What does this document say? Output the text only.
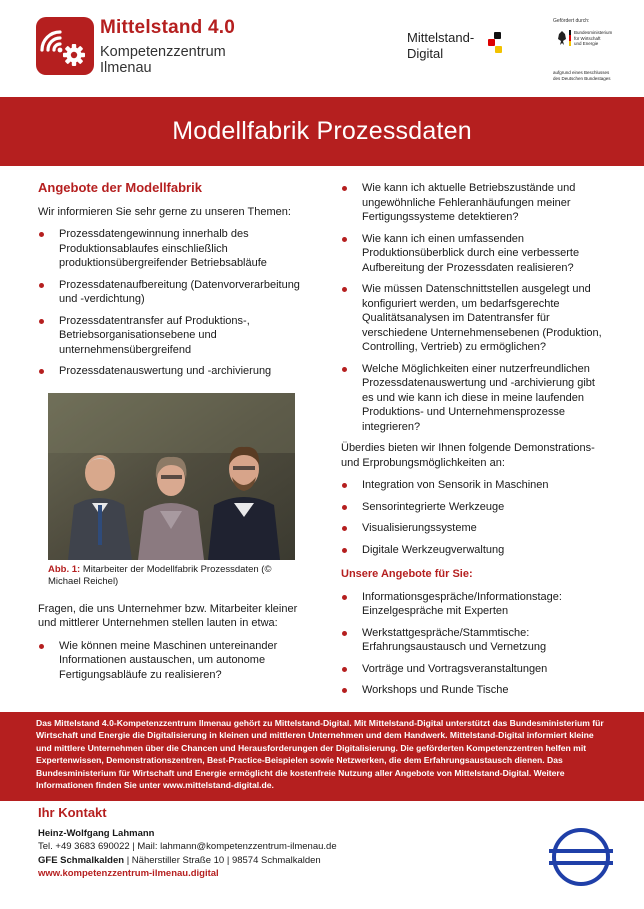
Mittelstand 4.0
Kompetenzzentrum
Ilmenau
Mittelstand-
Digital
Gefördert durch:
Bundesministerium
für Wirtschaft
und Energie
aufgrund eines Beschlusses
des Deutschen Bundestages
Modellfabrik Prozessdaten
Angebote der Modellfabrik
Wir informieren Sie sehr gerne zu unseren Themen:
Prozessdatengewinnung innerhalb des Produktionsablaufes einschließlich produktionsübergreifender Betriebsabläufe
Prozessdatenaufbereitung (Datenvorverarbeitung und -verdichtung)
Prozessdatentransfer auf Produktions-, Betriebsorganisationsebene und unternehmensübergreifend
Prozessdatenauswertung und -archivierung
Abb. 1: Mitarbeiter der Modellfabrik Prozessdaten (© Michael Reichel)
Fragen, die uns Unternehmer bzw. Mitarbeiter kleiner und mittlerer Unternehmen stellen lauten in etwa:
Wie können meine Maschinen untereinander Informationen austauschen, um autonome Fertigungsabläufe zu realisieren?
Wie kann ich aktuelle Betriebszustände und ungewöhnliche Fehleranhäufungen meiner Fertigungssysteme detektieren?
Wie kann ich einen umfassenden Produktionsüberblick durch eine verbesserte Aufbereitung der Prozessdaten realisieren?
Wie müssen Datenschnittstellen ausgelegt und konfiguriert werden, um bedarfsgerechte Qualitätsanalysen im Datentransfer für verschiedene Unternehmensebenen (Produktion, Controlling, Vertrieb) zu ermöglichen?
Welche Möglichkeiten einer nutzerfreundlichen Prozessdatenauswertung und -archivierung gibt es und wie kann ich diese in meine laufenden Produktions- und Unternehmensprozesse integrieren?
Überdies bieten wir Ihnen folgende Demonstrations- und Erprobungsmöglichkeiten an:
Integration von Sensorik in Maschinen
Sensorintegrierte Werkzeuge
Visualisierungssysteme
Digitale Werkzeugverwaltung
Unsere Angebote für Sie:
Informationsgespräche/Informationstage: Einzelgespräche mit Experten
Werkstattgespräche/Stammtische: Erfahrungsaustausch und Vernetzung
Vorträge und Vortragsveranstaltungen
Workshops und Runde Tische
Das Mittelstand 4.0-Kompetenzzentrum Ilmenau gehört zu Mittelstand-Digital. Mit Mittelstand-Digital unterstützt das Bundesministerium für Wirtschaft und Energie die Digitalisierung in kleinen und mittleren Unternehmen und dem Handwerk. Mittelstand-Digital informiert kleine und mittlere Unternehmen über die Chancen und Herausforderungen der Digitalisierung. Die geförderten Kompetenzzentren helfen mit Expertenwissen, Demonstrationszentren, Best-Practice-Beispielen sowie Netzwerken, die dem Erfahrungsaustausch dienen. Das Bundesministerium für Wirtschaft und Energie ermöglicht die kostenfreie Nutzung aller Angebote von Mittelstand-Digital. Weitere Informationen finden Sie unter www.mittelstand-digital.de.
Ihr Kontakt
Heinz-Wolfgang Lahmann
Tel. +49 3683 690022 | Mail: lahmann@kompetenzzentrum-ilmenau.de
GFE Schmalkalden | Näherstiller Straße 10 | 98574 Schmalkalden
www.kompetenzzentrum-ilmenau.digital
